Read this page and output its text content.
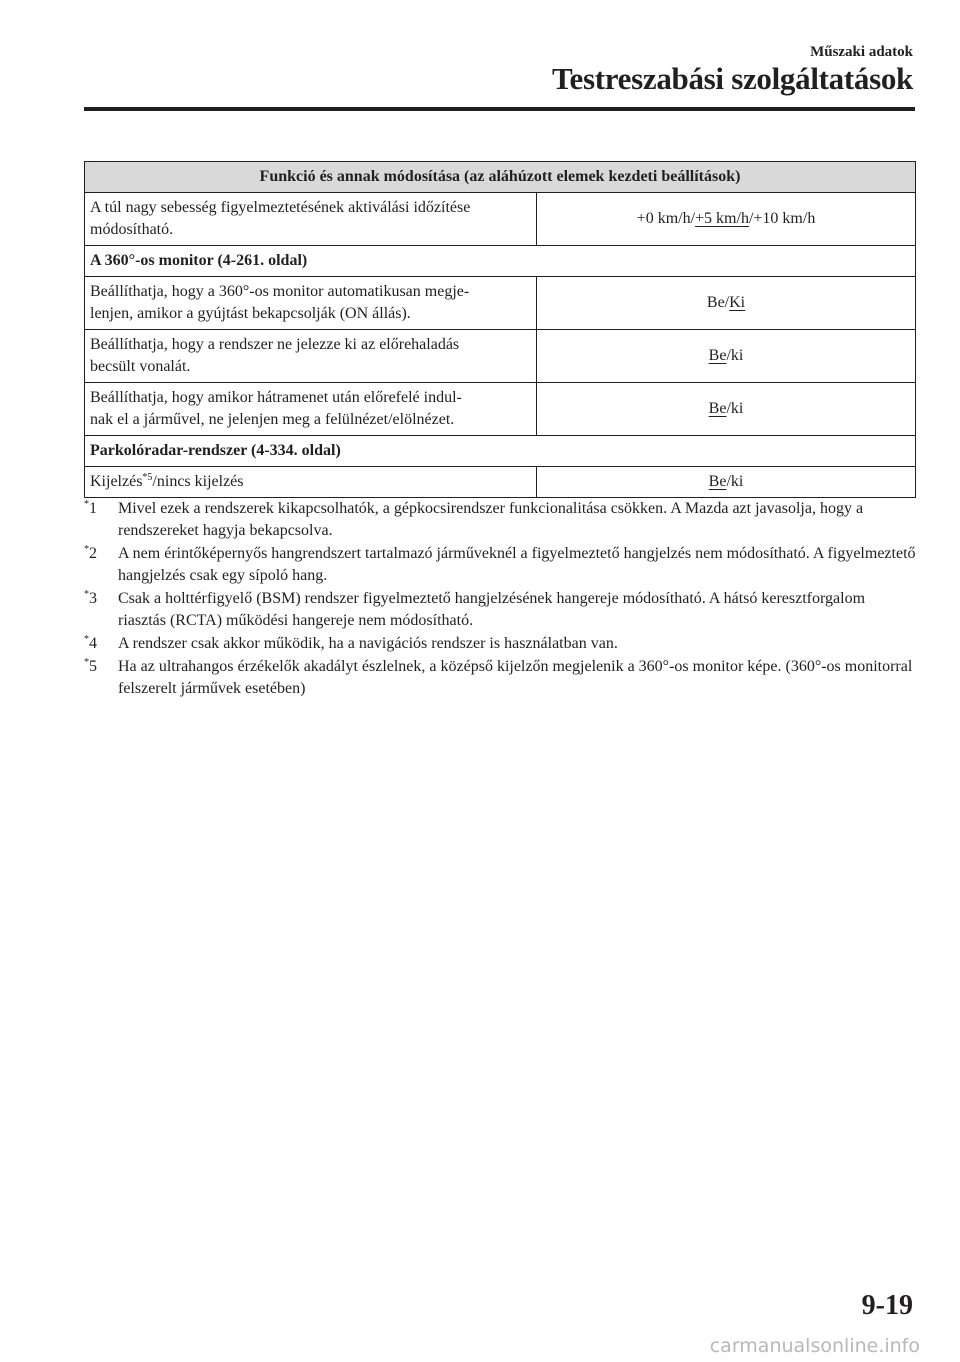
Műszaki adatok
Testreszabási szolgáltatások
Funkció és annak módosítása (az aláhúzott elemek kezdeti beállítások)	
A túl nagy sebesség figyelmeztetésének aktiválási időzítése
módosítható.	+0 km/h/+5 km/h/+10 km/h
A 360°-os monitor (4-261. oldal)	
Beállíthatja, hogy a 360°-os monitor automatikusan megje-
lenjen, amikor a gyújtást bekapcsolják (ON állás).	Be/Ki
Beállíthatja, hogy a rendszer ne jelezze ki az előrehaladás
becsült vonalát.	Be/ki
Beállíthatja, hogy amikor hátramenet után előrefelé indul-
nak el a járművel, ne jelenjen meg a felülnézet/elölnézet.	Be/ki
Parkolóradar-rendszer (4-334. oldal)	
Kijelzés$^{*5}$/nincs kijelzés	Be/ki
*1	Mivel ezek a rendszerek kikapcsolhatók, a gépkocsirendszer funkcionalitása csökken. A Mazda azt javasolja, hogy a rendszereket hagyja bekapcsolva.
*2	A nem érintőképernyős hangrendszert tartalmazó járműveknél a figyelmeztető hangjelzés nem módosítható. A figyelmeztető hangjelzés csak egy sípoló hang.
*3	Csak a holttérfigyelő (BSM) rendszer figyelmeztető hangjelzésének hangereje módosítható. A hátsó keresztforgalom riasztás (RCTA) működési hangereje nem módosítható.
*4	A rendszer csak akkor működik, ha a navigációs rendszer is használatban van.
*5	Ha az ultrahangos érzékelők akadályt észlelnek, a középső kijelzőn megjelenik a 360°-os monitor képe. (360°-os monitorral felszerelt járművek esetében)
9-19
carmanualsonline.info
